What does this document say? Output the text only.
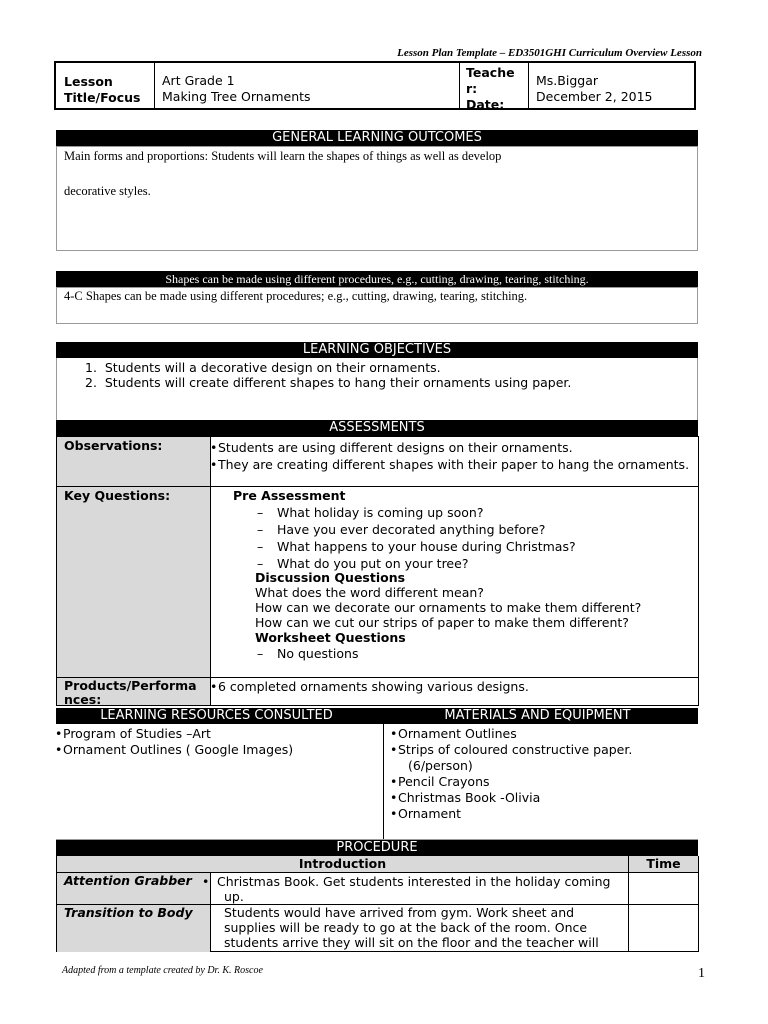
Lesson Plan Template – ED3501GHI Curriculum Overview Lesson
Lesson Title/Focus
Art Grade 1
Making Tree Ornaments
Teache r:
Date:
Ms.Biggar
December 2, 2015
GENERAL LEARNING OUTCOMES
Main forms and proportions: Students will learn the shapes of things as well as develop
decorative styles.
Shapes can be made using different procedures, e.g., cutting, drawing, tearing, stitching.
4-C Shapes can be made using different procedures; e.g., cutting, drawing, tearing, stitching.
LEARNING OBJECTIVES
1.  Students will a decorative design on their ornaments.
2.  Students will create different shapes to hang their ornaments using paper.
ASSESSMENTS
Observations:
•	Students are using different designs on their ornaments.
• They are creating different shapes with their paper to hang the ornaments.
Key Questions:	Pre Assessment
– What holiday is coming up soon?
– Have you ever decorated anything before?
– What happens to your house during Christmas?
– What do you put on your tree?
Discussion Questions
What does the word different mean?
How can we decorate our ornaments to make them different?
How can we cut our strips of paper to make them different?
Worksheet Questions
– No questions
Products/Performa
nces:
• 6 completed ornaments showing various designs.
LEARNING RESOURCES CONSULTED	MATERIALS AND EQUIPMENT
• Program of Studies –Art
• Ornament Outlines ( Google Images)
• Ornament Outlines
• Strips of coloured constructive paper.
(6/person)
• Pencil Crayons
• Christmas Book -Olivia
• Ornament
PROCEDURE
Introduction	Time
Attention Grabber • Christmas Book. Get students interested in the holiday coming
up.
Transition to Body	Students would have arrived from gym. Work sheet and
supplies will be ready to go at the back of the room. Once
students arrive they will sit on the floor and the teacher will
Adapted from a template created by Dr. K. Roscoe	1
